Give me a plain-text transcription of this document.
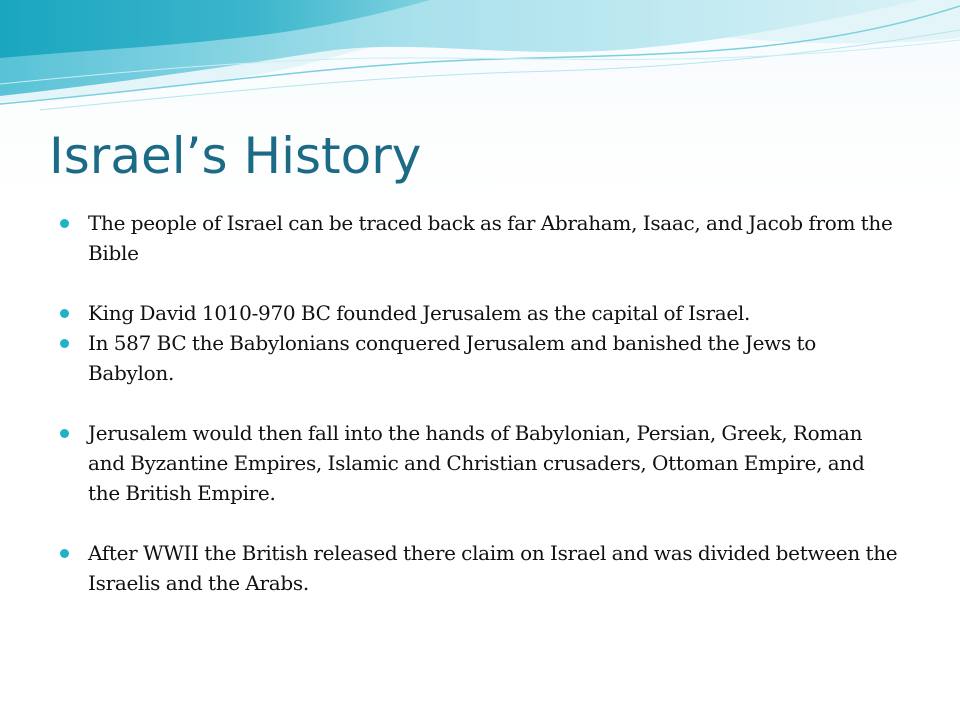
Israel’s History
The people of Israel can be traced back as far Abraham, Isaac, and Jacob from the Bible
King David 1010-970 BC founded Jerusalem as the capital of Israel.
In 587 BC the Babylonians conquered Jerusalem and banished the Jews to Babylon.
Jerusalem would then fall into the hands of Babylonian, Persian, Greek, Roman and Byzantine Empires, Islamic and Christian crusaders, Ottoman Empire, and the British Empire.
After WWII the British released there claim on Israel and was divided between the Israelis and the Arabs.
